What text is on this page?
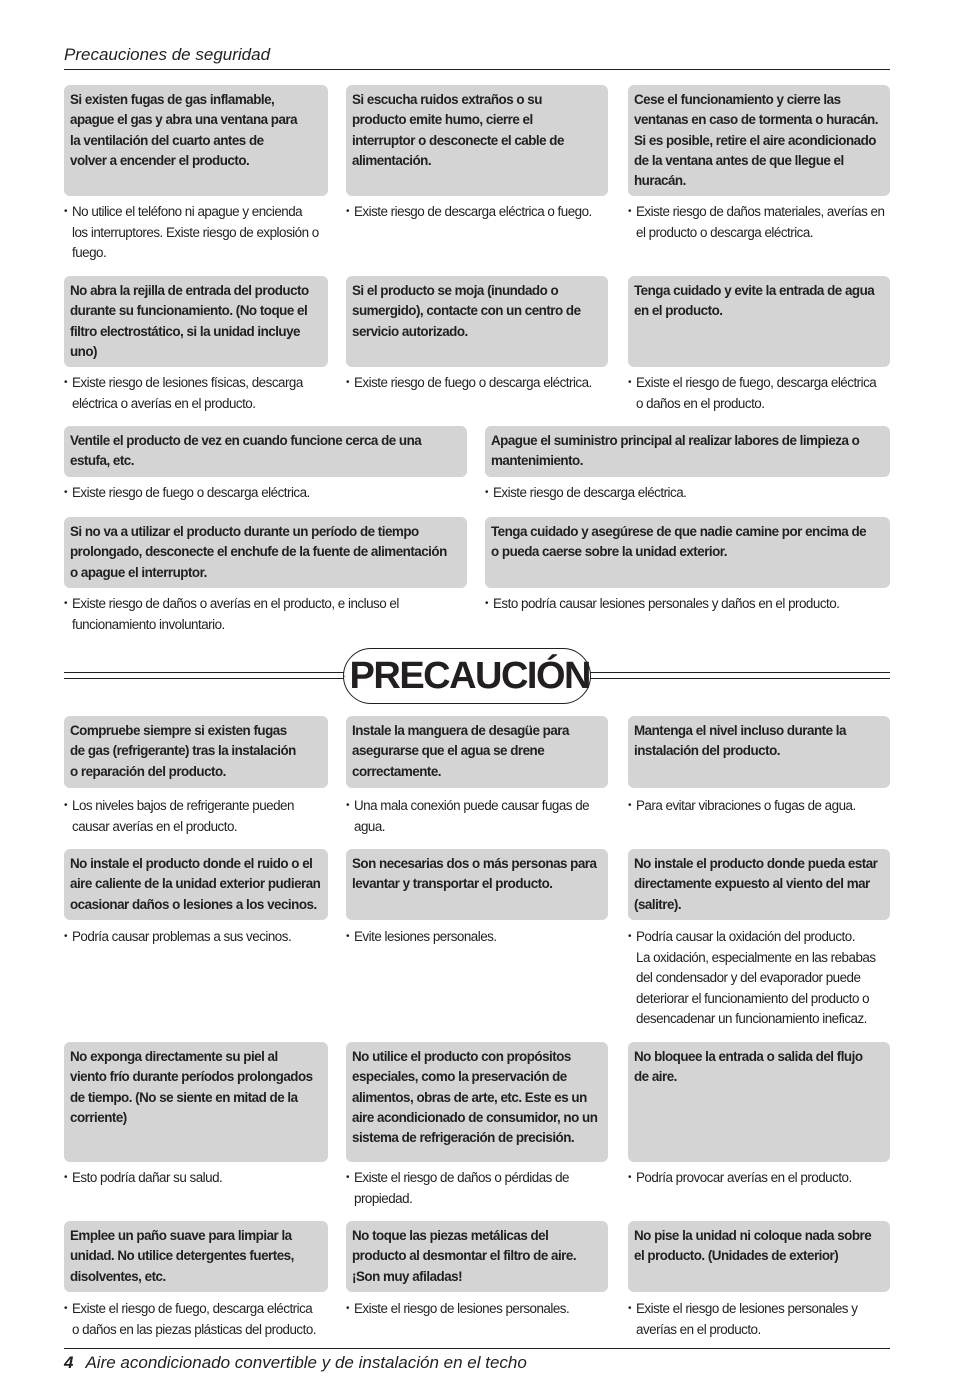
Precauciones de seguridad
Si existen fugas de gas inflamable,
apague el gas y abra una ventana para
la ventilación del cuarto antes de
volver a encender el producto.
• No utilice el teléfono ni apague y encienda
los interruptores. Existe riesgo de explosión o
fuego.
Si escucha ruidos extraños o su
producto emite humo, cierre el
interruptor o desconecte el cable de
alimentación.
• Existe riesgo de descarga eléctrica o fuego.
Cese el funcionamiento y cierre las
ventanas en caso de tormenta o huracán.
Si es posible, retire el aire acondicionado
de la ventana antes de que llegue el
huracán.
• Existe riesgo de daños materiales, averías en
el producto o descarga eléctrica.
No abra la rejilla de entrada del producto
durante su funcionamiento. (No toque el
filtro electrostático, si la unidad incluye
uno)
• Existe riesgo de lesiones físicas, descarga
eléctrica o averías en el producto.
Si el producto se moja (inundado o
sumergido), contacte con un centro de
servicio autorizado.
• Existe riesgo de fuego o descarga eléctrica.
Tenga cuidado y evite la entrada de agua
en el producto.
• Existe el riesgo de fuego, descarga eléctrica
o daños en el producto.
Ventile el producto de vez en cuando funcione cerca de una
estufa, etc.
• Existe riesgo de fuego o descarga eléctrica.
Apague el suministro principal al realizar labores de limpieza o
mantenimiento.
• Existe riesgo de descarga eléctrica.
Si no va a utilizar el producto durante un período de tiempo
prolongado, desconecte el enchufe de la fuente de alimentación
o apague el interruptor.
• Existe riesgo de daños o averías en el producto, e incluso el
funcionamiento involuntario.
Tenga cuidado y asegúrese de que nadie camine por encima de
o pueda caerse sobre la unidad exterior.
• Esto podría causar lesiones personales y daños en el producto.
Compruebe siempre si existen fugas
de gas (refrigerante) tras la instalación
o reparación del producto.
• Los niveles bajos de refrigerante pueden
causar averías en el producto.
Instale la manguera de desagüe para
asegurarse que el agua se drene
correctamente.
• Una mala conexión puede causar fugas de
agua.
Mantenga el nivel incluso durante la
instalación del producto.
• Para evitar vibraciones o fugas de agua.
No instale el producto donde el ruido o el
aire caliente de la unidad exterior pudieran
ocasionar daños o lesiones a los vecinos.
• Podría causar problemas a sus vecinos.
Son necesarias dos o más personas para
levantar y transportar el producto.
• Evite lesiones personales.
No instale el producto donde pueda estar
directamente expuesto al viento del mar
(salitre).
• Podría causar la oxidación del producto.
La oxidación, especialmente en las rebabas
del condensador y del evaporador puede
deteriorar el funcionamiento del producto o
desencadenar un funcionamiento ineficaz.
No exponga directamente su piel al
viento frío durante períodos prolongados
de tiempo. (No se siente en mitad de la
corriente)
• Esto podría dañar su salud.
No utilice el producto con propósitos
especiales, como la preservación de
alimentos, obras de arte, etc. Este es un
aire acondicionado de consumidor, no un
sistema de refrigeración de precisión.
• Existe el riesgo de daños o pérdidas de
propiedad.
No bloquee la entrada o salida del flujo
de aire.
• Podría provocar averías en el producto.
Emplee un paño suave para limpiar la
unidad. No utilice detergentes fuertes,
disolventes, etc.
• Existe el riesgo de fuego, descarga eléctrica
o daños en las piezas plásticas del producto.
No toque las piezas metálicas del
producto al desmontar el filtro de aire.
¡Son muy afiladas!
• Existe el riesgo de lesiones personales.
No pise la unidad ni coloque nada sobre
el producto. (Unidades de exterior)
• Existe el riesgo de lesiones personales y
averías en el producto.
PRECAUCIÓN
4 Aire acondicionado convertible y de instalación en el techo
